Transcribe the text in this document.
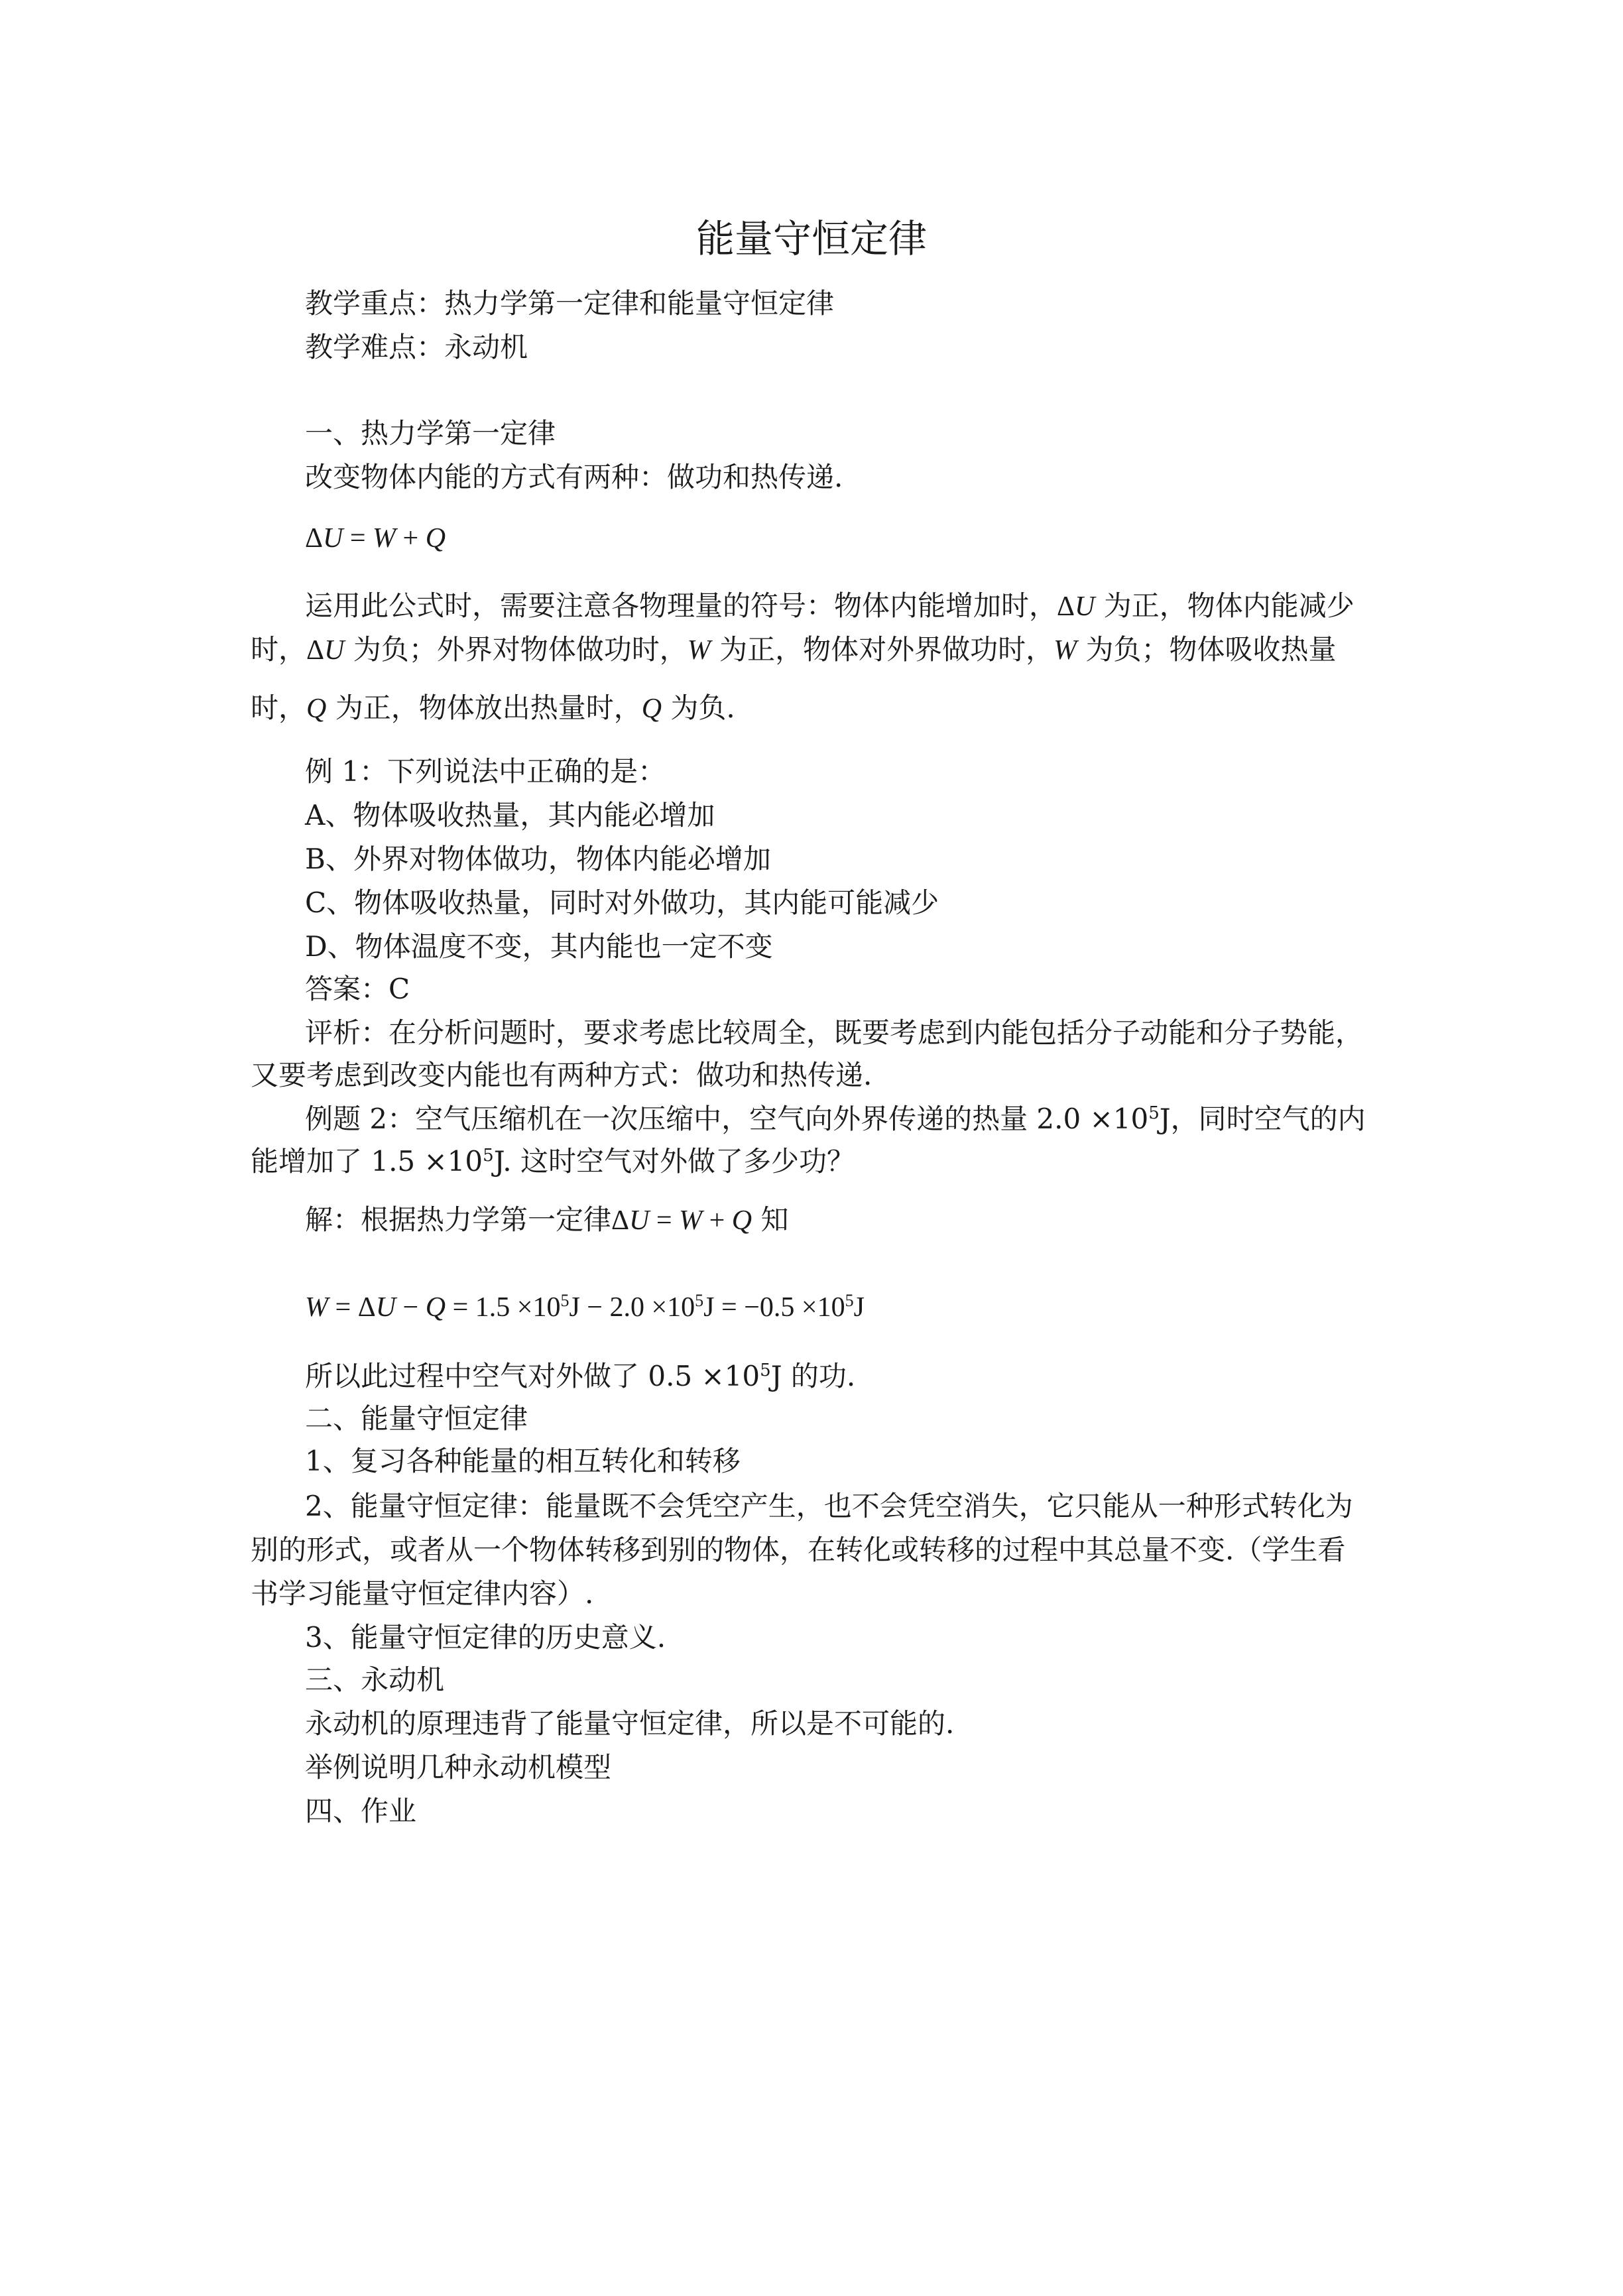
能量守恒定律
教学重点：热力学第一定律和能量守恒定律
教学难点：永动机
一、热力学第一定律
改变物体内能的方式有两种：做功和热传递.
ΔU = W + Q
运用此公式时，需要注意各物理量的符号：物体内能增加时，ΔU 为正，物体内能减少
时，ΔU 为负；外界对物体做功时，W 为正，物体对外界做功时，W 为负；物体吸收热量
时，Q 为正，物体放出热量时，Q 为负.
例 1：下列说法中正确的是：
A、物体吸收热量，其内能必增加
B、外界对物体做功，物体内能必增加
C、物体吸收热量，同时对外做功，其内能可能减少
D、物体温度不变，其内能也一定不变
答案：C
评析：在分析问题时，要求考虑比较周全，既要考虑到内能包括分子动能和分子势能，
又要考虑到改变内能也有两种方式：做功和热传递.
例题 2：空气压缩机在一次压缩中，空气向外界传递的热量 $2.0 \times 10^5J$，同时空气的内
能增加了 $1.5 \times 10^5J$. 这时空气对外做了多少功？
解：根据热力学第一定律ΔU = W + Q 知
$W = \Delta U - Q = 1.5 \times 10^5J - 2.0 \times 10^5J = -0.5 \times 10^5J$
所以此过程中空气对外做了 $0.5 \times 10^5J$ 的功.
二、能量守恒定律
1、复习各种能量的相互转化和转移
2、能量守恒定律：能量既不会凭空产生，也不会凭空消失，它只能从一种形式转化为
别的形式，或者从一个物体转移到别的物体，在转化或转移的过程中其总量不变.（学生看
书学习能量守恒定律内容）.
3、能量守恒定律的历史意义.
三、永动机
永动机的原理违背了能量守恒定律，所以是不可能的.
举例说明几种永动机模型
四、作业
